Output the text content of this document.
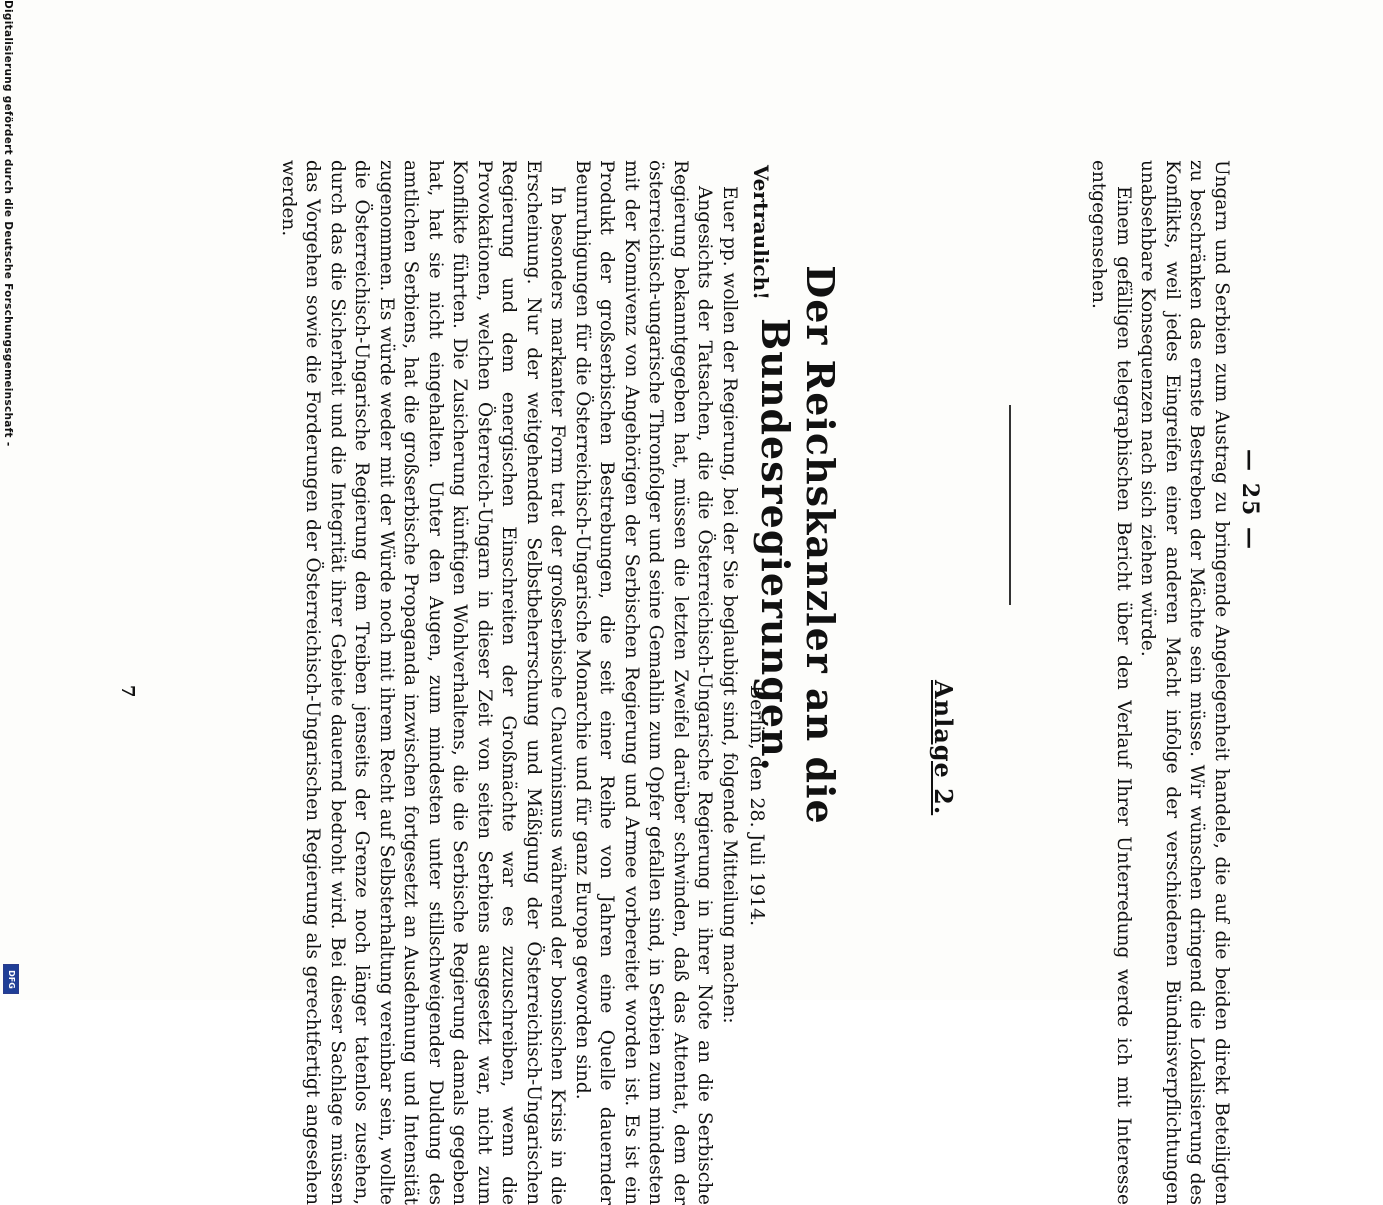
— 25 —

Ungarn und Serbien zum Austrag zu bringende Angelegenheit handele, die auf die beiden direkt Beteiligten zu beschränken das ernste Bestreben der Mächte sein müsse. Wir wünschen dringend die Lokalisierung des Konflikts, weil jedes Eingreifen einer anderen Macht infolge der verschiedenen Bündnisverpflichtungen unabsehbare Konsequenzen nach sich ziehen würde.

Einem gefälligen telegraphischen Bericht über den Verlauf Ihrer Unterredung werde ich mit Interesse entgegensehen.

Anlage 2.
Der Reichskanzler an die Bundesregierungen.
Vertraulich!
Berlin, den 28. Juli 1914.

Euer pp. wollen der Regierung, bei der Sie beglaubigt sind, folgende Mitteilung machen:

Angesichts der Tatsachen, die die Österreichisch-Ungarische Regierung in ihrer Note an die Serbische Regierung bekanntgegeben hat, müssen die letzten Zweifel darüber schwinden, daß das Attentat, dem der österreichisch-ungarische Thronfolger und seine Gemahlin zum Opfer gefallen sind, in Serbien zum mindesten mit der Konnivenz von Angehörigen der Serbischen Regierung und Armee vorbereitet worden ist. Es ist ein Produkt der großserbischen Bestrebungen, die seit einer Reihe von Jahren eine Quelle dauernder Beunruhigungen für die Österreichisch-Ungarische Monarchie und für ganz Europa geworden sind.

In besonders markanter Form trat der großserbische Chauvinismus während der bosnischen Krisis in die Erscheinung. Nur der weitgehenden Selbstbeherrschung und Mäßigung der Österreichisch-Ungarischen Regierung und dem energischen Einschreiten der Großmächte war es zuzuschreiben, wenn die Provokationen, welchen Österreich-Ungarn in dieser Zeit von seiten Serbiens ausgesetzt war, nicht zum Konflikte führten. Die Zusicherung künftigen Wohlverhaltens, die die Serbische Regierung damals gegeben hat, hat sie nicht eingehalten. Unter den Augen, zum mindesten unter stillschweigender Duldung des amtlichen Serbiens, hat die großserbische Propaganda inzwischen fortgesetzt an Ausdehnung und Intensität zugenommen. Es würde weder mit der Würde noch mit ihrem Recht auf Selbsterhaltung vereinbar sein, wollte die Österreichisch-Ungarische Regierung dem Treiben jenseits der Grenze noch länger tatenlos zusehen, durch das die Sicherheit und die Integrität ihrer Gebiete dauernd bedroht wird. Bei dieser Sachlage müssen das Vorgehen sowie die Forderungen der Österreichisch-Ungarischen Regierung als gerechtfertigt angesehen werden.

7
Digitalisierung gefördert durch die Deutsche Forschungsgemeinschaft -
DFG
